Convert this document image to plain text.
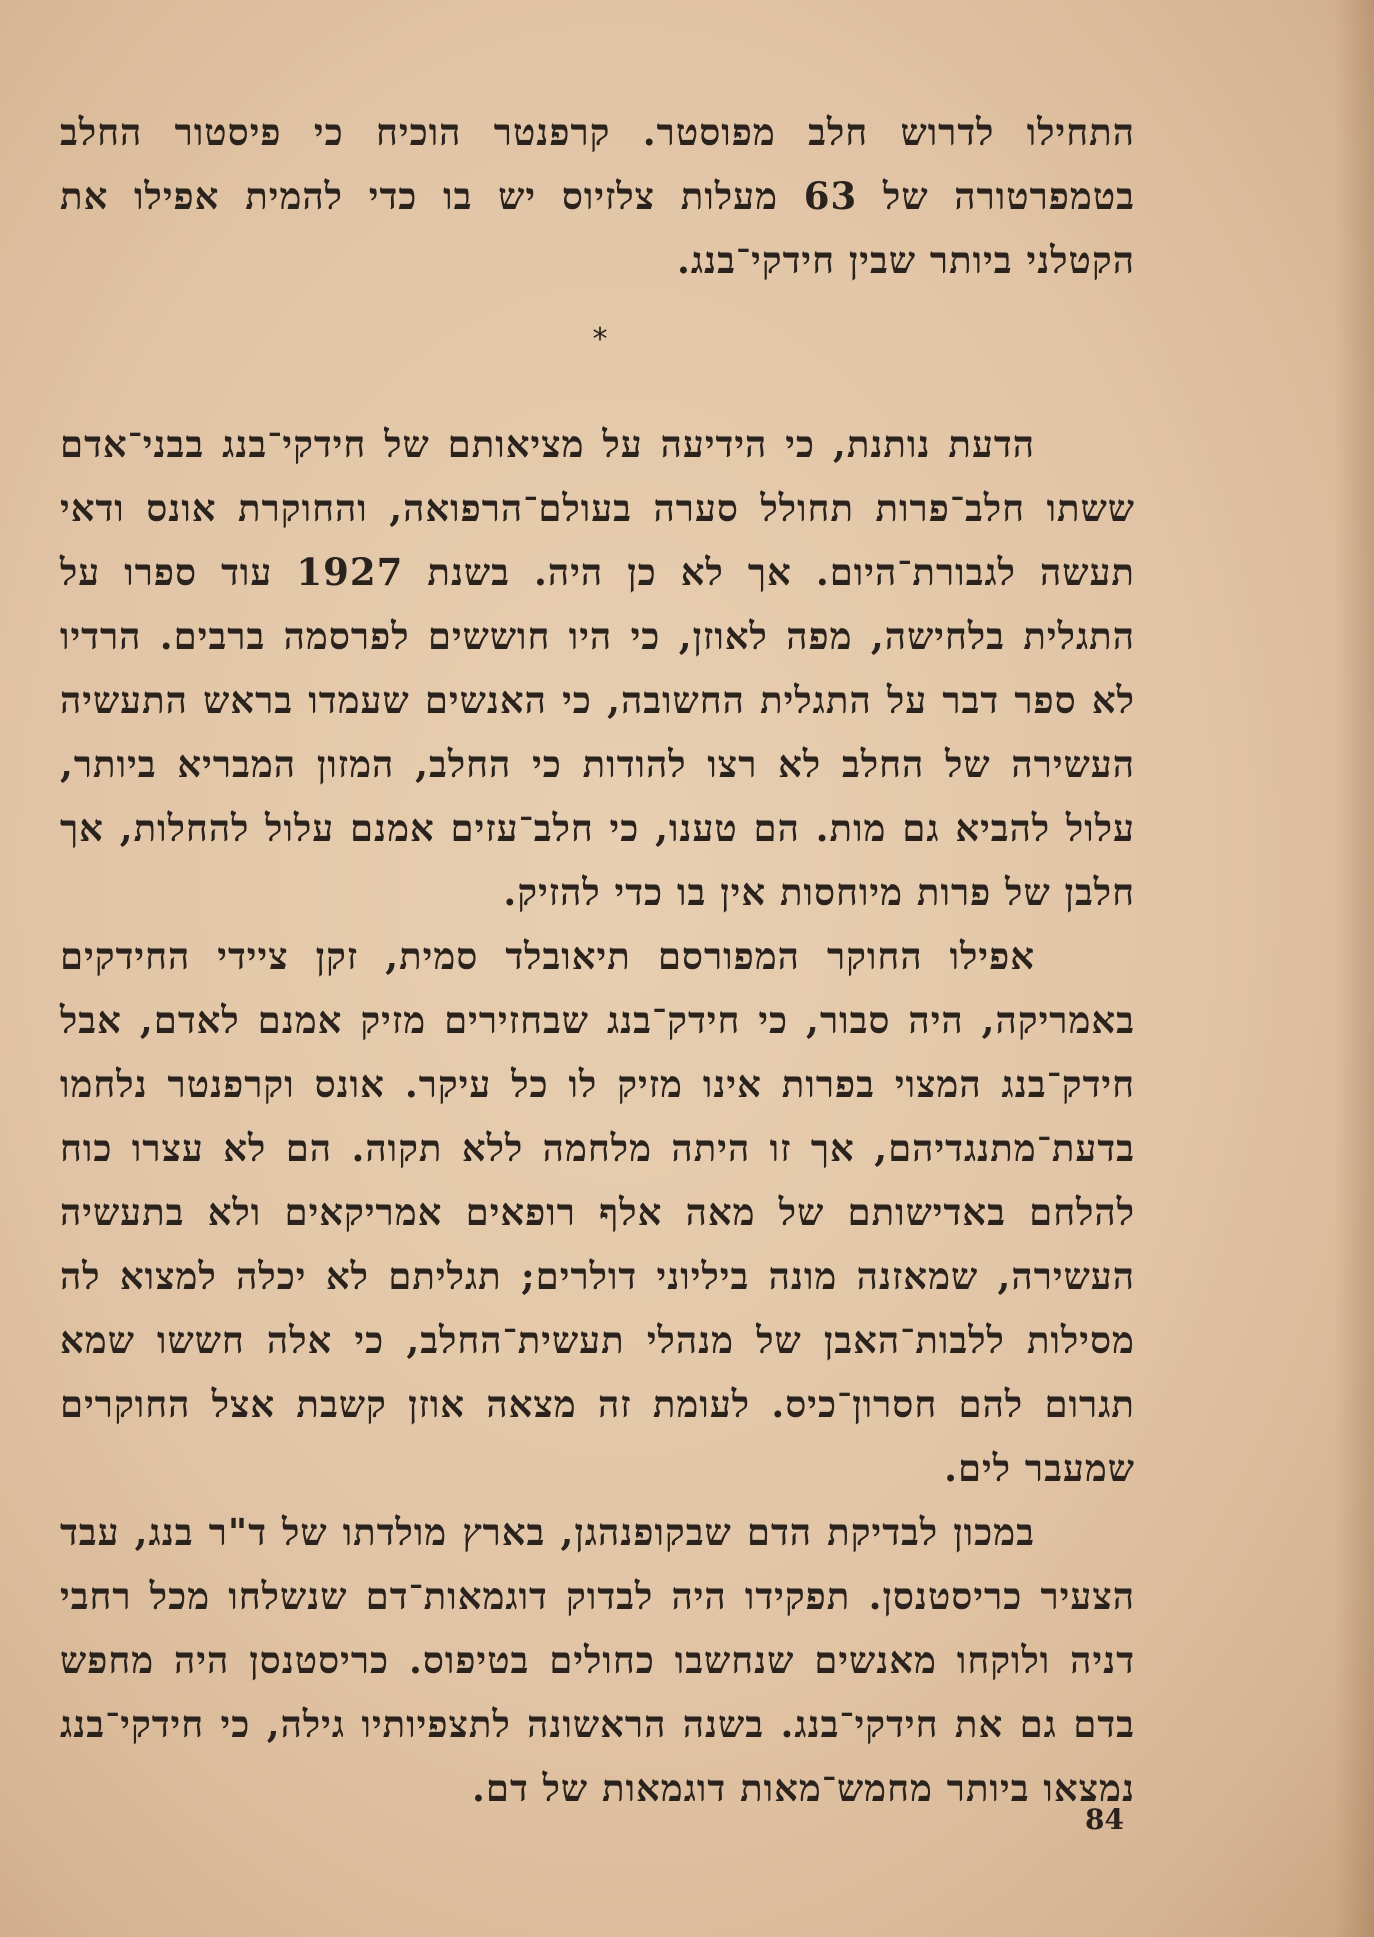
התחילו לדרוש חלב מפוסטר. קרפנטר הוכיח כי פיסטור החלב בטמפרטורה של 63 מעלות צלזיוס יש בו כדי להמית אפילו את הקטלני ביותר שבין חידקי־בנג.

*

הדעת נותנת, כי הידיעה על מציאותם של חידקי־בנג בבני־אדם ששתו חלב־פרות תחולל סערה בעולם־הרפואה, והחוקרת אונס ודאי תעשה לגבורת־היום. אך לא כן היה. בשנת 1927 עוד ספרו על התגלית בלחישה, מפה לאוזן, כי היו חוששים לפרסמה ברבים. הרדיו לא ספר דבר על התגלית החשובה, כי האנשים שעמדו בראש התעשיה העשירה של החלב לא רצו להודות כי החלב, המזון המבריא ביותר, עלול להביא גם מות. הם טענו, כי חלב־עזים אמנם עלול להחלות, אך חלבן של פרות מיוחסות אין בו כדי להזיק.

אפילו החוקר המפורסם תיאובלד סמית, זקן ציידי החידקים באמריקה, היה סבור, כי חידק־בנג שבחזירים מזיק אמנם לאדם, אבל חידק־בנג המצוי בפרות אינו מזיק לו כל עיקר. אונס וקרפנטר נלחמו בדעת־מתנגדיהם, אך זו היתה מלחמה ללא תקוה. הם לא עצרו כוח להלחם באדישותם של מאה אלף רופאים אמריקאים ולא בתעשיה העשירה, שמאזנה מונה ביליוני דולרים; תגליתם לא יכלה למצוא לה מסילות ללבות־האבן של מנהלי תעשית־החלב, כי אלה חששו שמא תגרום להם חסרון־כיס. לעומת זה מצאה אוזן קשבת אצל החוקרים שמעבר לים.

במכון לבדיקת הדם שבקופנהגן, בארץ מולדתו של ד"ר בנג, עבד הצעיר כריסטנסן. תפקידו היה לבדוק דוגמאות־דם שנשלחו מכל רחבי דניה ולוקחו מאנשים שנחשבו כחולים בטיפוס. כריסטנסן היה מחפש בדם גם את חידקי־בנג. בשנה הראשונה לתצפיותיו גילה, כי חידקי־בנג נמצאו ביותר מחמש־מאות דוגמאות של דם.

84
